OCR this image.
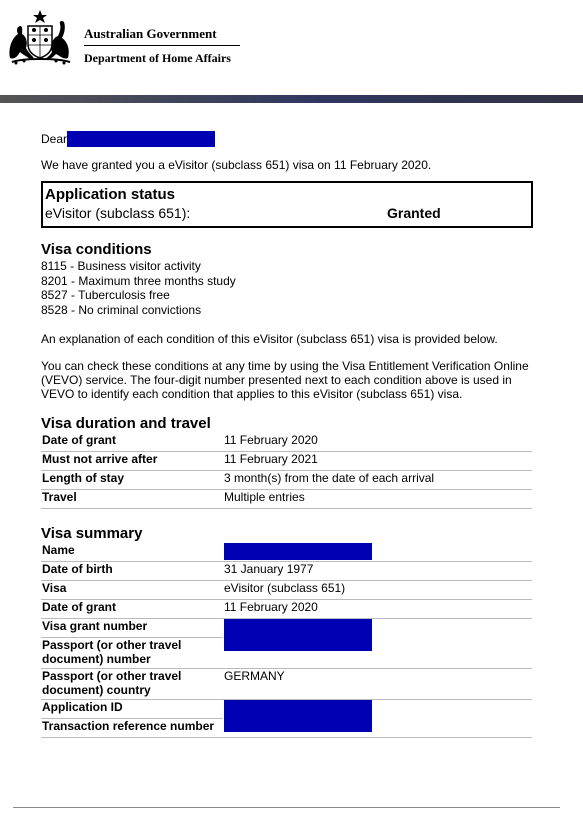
Australian Government
Department of Home Affairs
Dear
We have granted you a eVisitor (subclass 651) visa on 11 February 2020.
Application status
eVisitor (subclass 651):	Granted
Visa conditions
8115 - Business visitor activity
8201 - Maximum three months study
8527 - Tuberculosis free
8528 - No criminal convictions
An explanation of each condition of this eVisitor (subclass 651) visa is provided below.
You can check these conditions at any time by using the Visa Entitlement Verification Online (VEVO) service. The four-digit number presented next to each condition above is used in VEVO to identify each condition that applies to this eVisitor (subclass 651) visa.
Visa duration and travel
Date of grant	11 February 2020
Must not arrive after	11 February 2021
Length of stay	3 month(s) from the date of each arrival
Travel	Multiple entries
Visa summary
Name	
Date of birth	31 January 1977
Visa	eVisitor (subclass 651)
Date of grant	11 February 2020
Visa grant number	
Passport (or other travel document) number	
Passport (or other travel document) country	GERMANY
Application ID	
Transaction reference number	
